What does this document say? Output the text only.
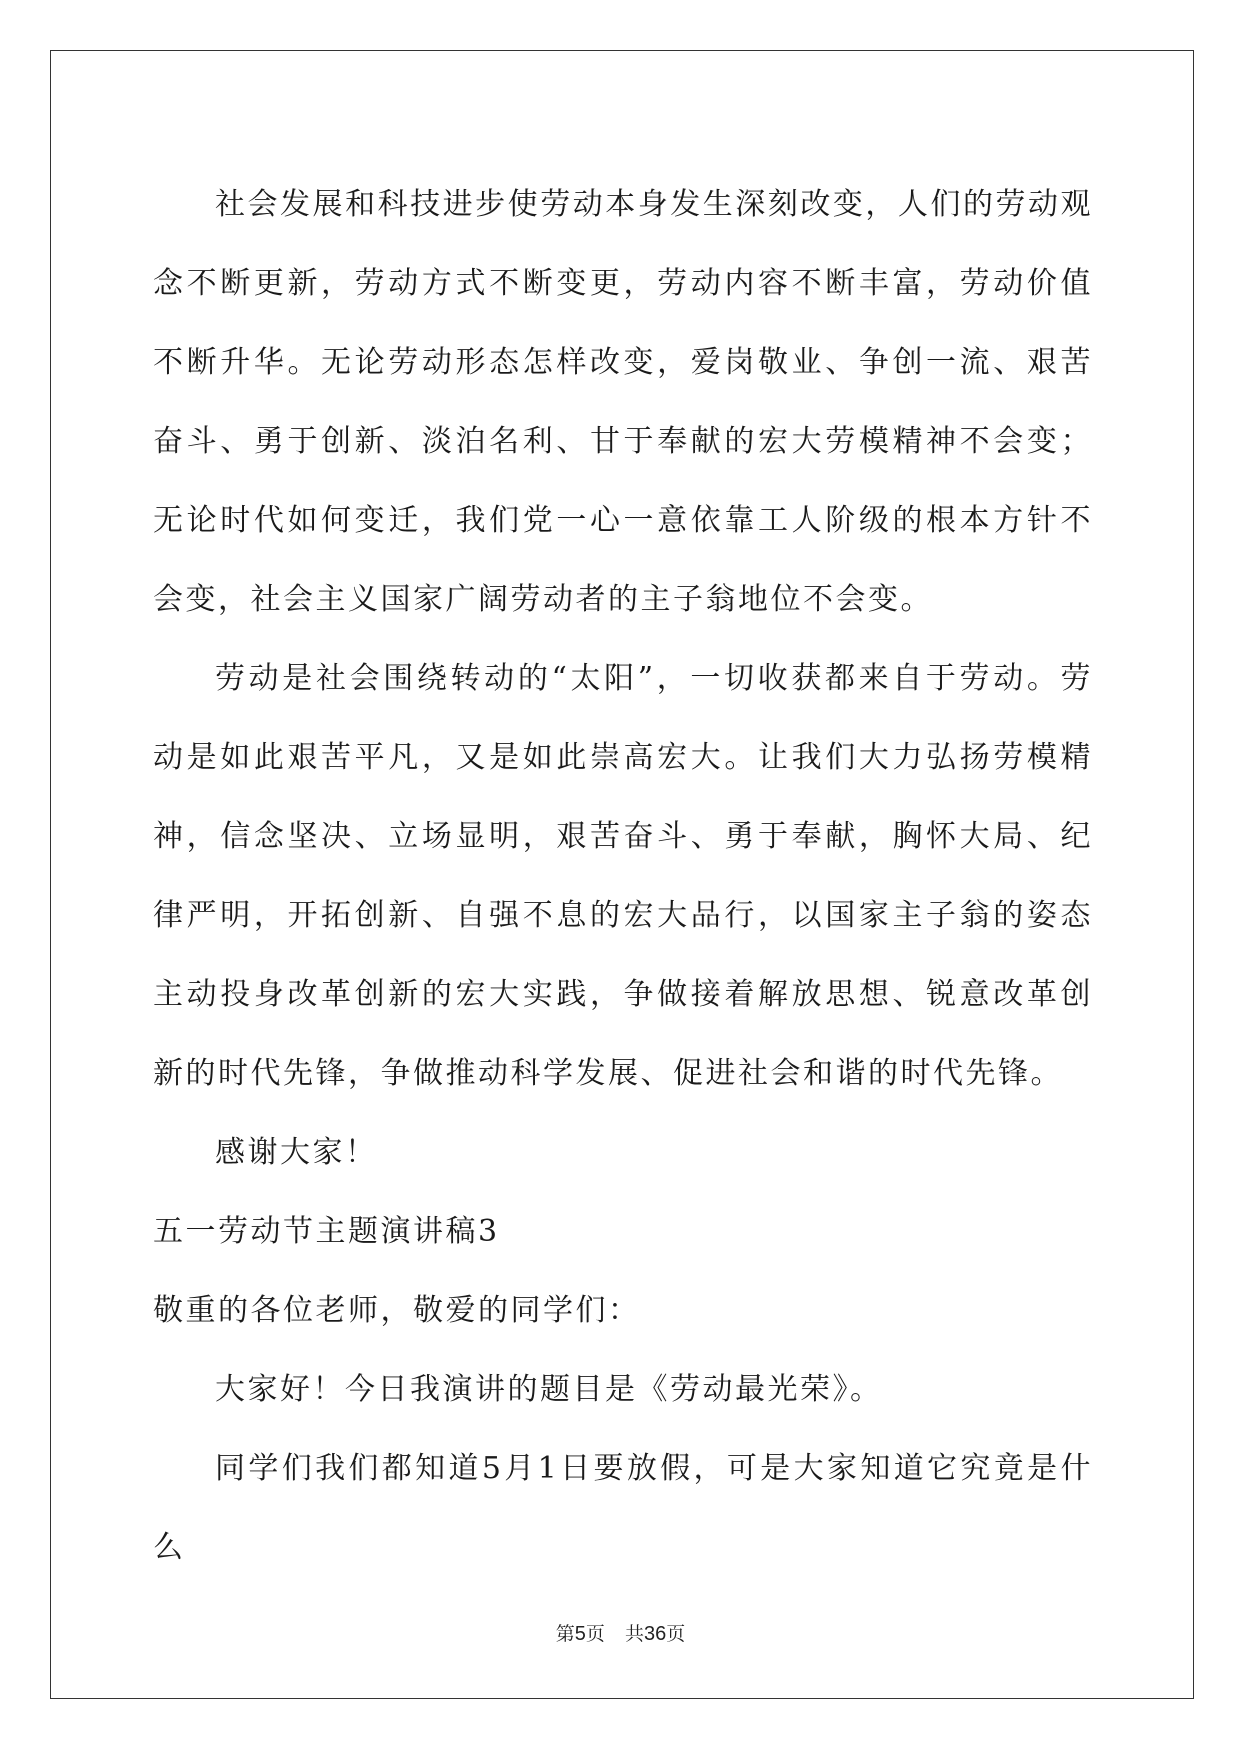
社会发展和科技进步使劳动本身发生深刻改变，人们的劳动观念不断更新，劳动方式不断变更，劳动内容不断丰富，劳动价值不断升华。无论劳动形态怎样改变，爱岗敬业、争创一流、艰苦奋斗、勇于创新、淡泊名利、甘于奉献的宏大劳模精神不会变；无论时代如何变迁，我们党一心一意依靠工人阶级的根本方针不会变，社会主义国家广阔劳动者的主子翁地位不会变。

劳动是社会围绕转动的“太阳”，一切收获都来自于劳动。劳动是如此艰苦平凡，又是如此崇高宏大。让我们大力弘扬劳模精神，信念坚决、立场显明，艰苦奋斗、勇于奉献，胸怀大局、纪律严明，开拓创新、自强不息的宏大品行，以国家主子翁的姿态主动投身改革创新的宏大实践，争做接着解放思想、锐意改革创新的时代先锋，争做推动科学发展、促进社会和谐的时代先锋。

感谢大家！

五一劳动节主题演讲稿3

敬重的各位老师，敬爱的同学们：

大家好！今日我演讲的题目是《劳动最光荣》。

同学们我们都知道5月1日要放假，可是大家知道它究竟是什么

第5页 共36页
